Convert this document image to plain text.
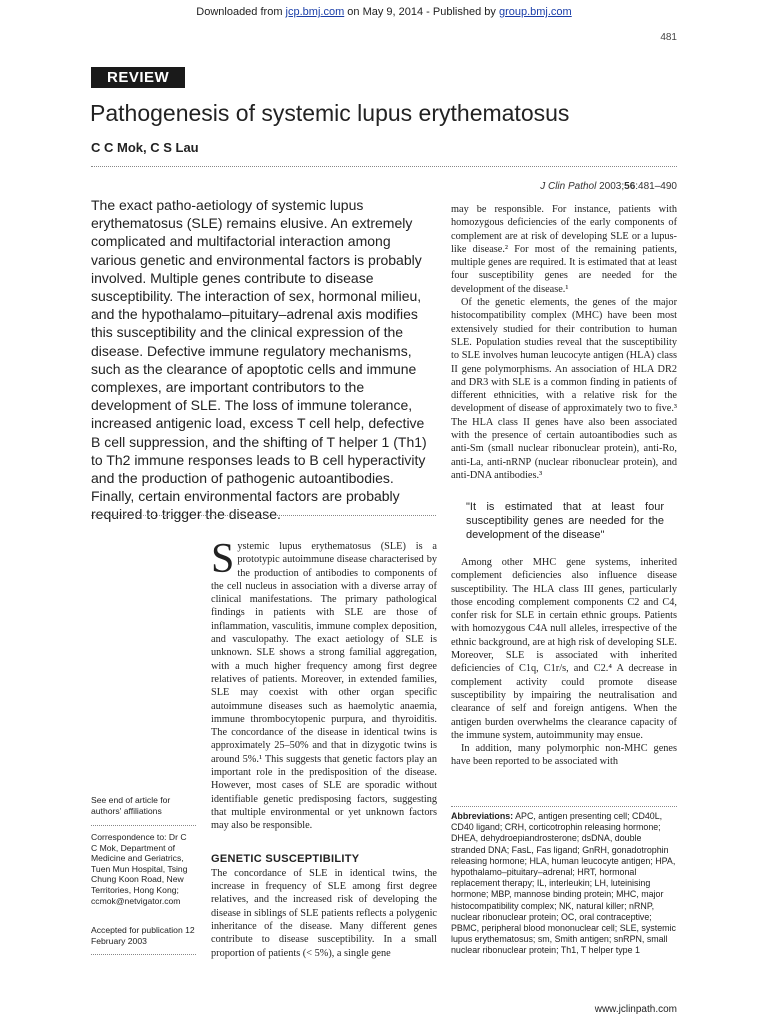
Downloaded from jcp.bmj.com on May 9, 2014 - Published by group.bmj.com
481
REVIEW
Pathogenesis of systemic lupus erythematosus
C C Mok, C S Lau
J Clin Pathol 2003;56:481–490
The exact patho-aetiology of systemic lupus erythematosus (SLE) remains elusive. An extremely complicated and multifactorial interaction among various genetic and environmental factors is probably involved. Multiple genes contribute to disease susceptibility. The interaction of sex, hormonal milieu, and the hypothalamo–pituitary–adrenal axis modifies this susceptibility and the clinical expression of the disease. Defective immune regulatory mechanisms, such as the clearance of apoptotic cells and immune complexes, are important contributors to the development of SLE. The loss of immune tolerance, increased antigenic load, excess T cell help, defective B cell suppression, and the shifting of T helper 1 (Th1) to Th2 immune responses leads to B cell hyperactivity and the production of pathogenic autoantibodies. Finally, certain environmental factors are probably required to trigger the disease.
See end of article for authors' affiliations
Correspondence to: Dr C C Mok, Department of Medicine and Geriatrics, Tuen Mun Hospital, Tsing Chung Koon Road, New Territories, Hong Kong; ccmok@netvigator.com
Accepted for publication 12 February 2003

Systemic lupus erythematosus (SLE) is a prototypic autoimmune disease characterised by the production of antibodies to components of the cell nucleus in association with a diverse array of clinical manifestations. The primary pathological findings in patients with SLE are those of inflammation, vasculitis, immune complex deposition, and vasculopathy. The exact aetiology of SLE is unknown. SLE shows a strong familial aggregation, with a much higher frequency among first degree relatives of patients. Moreover, in extended families, SLE may coexist with other organ specific autoimmune diseases such as haemolytic anaemia, immune thrombocytopenic purpura, and thyroiditis. The concordance of the disease in identical twins is approximately 25–50% and that in dizygotic twins is around 5%.¹ This suggests that genetic factors play an important role in the predisposition of the disease. However, most cases of SLE are sporadic without identifiable genetic predisposing factors, suggesting that multiple environmental or yet unknown factors may also be responsible.

GENETIC SUSCEPTIBILITY

The concordance of SLE in identical twins, the increase in frequency of SLE among first degree relatives, and the increased risk of developing the disease in siblings of SLE patients reflects a polygenic inheritance of the disease. Many different genes contribute to disease susceptibility. In a small proportion of patients (< 5%), a single gene

may be responsible. For instance, patients with homozygous deficiencies of the early components of complement are at risk of developing SLE or a lupus-like disease.² For most of the remaining patients, multiple genes are required. It is estimated that at least four susceptibility genes are needed for the development of the disease.¹

Of the genetic elements, the genes of the major histocompatibility complex (MHC) have been most extensively studied for their contribution to human SLE. Population studies reveal that the susceptibility to SLE involves human leucocyte antigen (HLA) class II gene polymorphisms. An association of HLA DR2 and DR3 with SLE is a common finding in patients of different ethnicities, with a relative risk for the development of disease of approximately two to five.³ The HLA class II genes have also been associated with the presence of certain autoantibodies such as anti-Sm (small nuclear ribonuclear protein), anti-Ro, anti-La, anti-nRNP (nuclear ribonuclear protein), and anti-DNA antibodies.³

"It is estimated that at least four susceptibility genes are needed for the development of the disease"

Among other MHC gene systems, inherited complement deficiencies also influence disease susceptibility. The HLA class III genes, particularly those encoding complement components C2 and C4, confer risk for SLE in certain ethnic groups. Patients with homozygous C4A null alleles, irrespective of the ethnic background, are at high risk of developing SLE. Moreover, SLE is associated with inherited deficiencies of C1q, C1r/s, and C2.⁴ A decrease in complement activity could promote disease susceptibility by impairing the neutralisation and clearance of self and foreign antigens. When the antigen burden overwhelms the clearance capacity of the immune system, autoimmunity may ensue.

In addition, many polymorphic non-MHC genes have been reported to be associated with

Abbreviations: APC, antigen presenting cell; CD40L, CD40 ligand; CRH, corticotrophin releasing hormone; DHEA, dehydroepiandrosterone; dsDNA, double stranded DNA; FasL, Fas ligand; GnRH, gonadotrophin releasing hormone; HLA, human leucocyte antigen; HPA, hypothalamo–pituitary–adrenal; HRT, hormonal replacement therapy; IL, interleukin; LH, luteinising hormone; MBP, mannose binding protein; MHC, major histocompatibility complex; NK, natural killer; nRNP, nuclear ribonuclear protein; OC, oral contraceptive; PBMC, peripheral blood mononuclear cell; SLE, systemic lupus erythematosus; sm, Smith antigen; snRPN, small nuclear ribonuclear protein; Th1, T helper type 1
www.jclinpath.com
